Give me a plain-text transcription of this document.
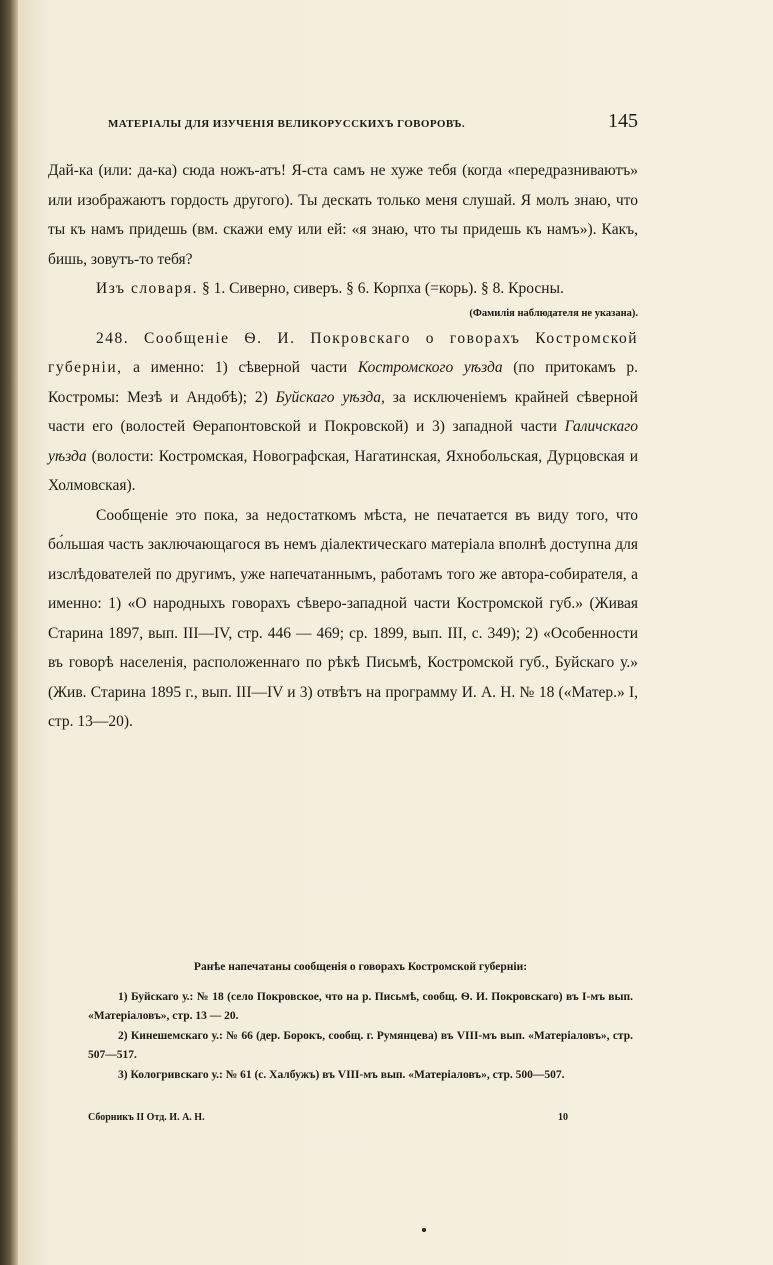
МАТЕРІАЛЫ ДЛЯ ИЗУЧЕНІЯ ВЕЛИКОРУССКИХЪ ГОВОРОВЪ.	145

Дай-ка (или: да-ка) сюда ножъ-атъ! Я-ста самъ не хуже тебя (когда «передразниваютъ» или изображаютъ гордость другого). Ты дескать только меня слушай. Я молъ знаю, что ты къ намъ придешь (вм. скажи ему или ей: «я знаю, что ты придешь къ намъ»). Какъ, бишь, зовутъ-то тебя?

Изъ словаря. § 1. Сиверно, сиверъ. § 6. Корпха (=корь). § 8. Кросны.

(Фамилія наблюдателя не указана).

248. Сообщеніе Ѳ. И. Покровскаго о говорахъ Костромской губерніи, а именно: 1) сѣверной части Костромского уѣзда (по притокамъ р. Костромы: Мезѣ и Андобѣ); 2) Буйскаго уѣзда, за исключеніемъ крайней сѣверной части его (волостей Ѳерапонтовской и Покровской) и 3) западной части Галичскаго уѣзда (волости: Костромская, Новографская, Нагатинская, Яхнобольская, Дурцовская и Холмовская).

Сообщеніе это пока, за недостаткомъ мѣста, не печатается въ виду того, что бо́льшая часть заключающагося въ немъ діалектическаго матеріала вполнѣ доступна для изслѣдователей по другимъ, уже напечатаннымъ, работамъ того же автора-собирателя, а именно: 1) «О народныхъ говорахъ сѣверо-западной части Костромской губ.» (Живая Старина 1897, вып. III—IV, стр. 446 — 469; ср. 1899, вып. III, с. 349); 2) «Особенности въ говорѣ населенія, расположеннаго по рѣкѣ Письмѣ, Костромской губ., Буйскаго у.» (Жив. Старина 1895 г., вып. III—IV и 3) отвѣтъ на программу И. А. Н. № 18 («Матер.» I, стр. 13—20).

Ранѣе напечатаны сообщенія о говорахъ Костромской губерніи:

1) Буйскаго у.: № 18 (село Покровское, что на р. Письмѣ, сообщ. Ѳ. И. Покровскаго) въ I-мъ вып. «Матеріаловъ», стр. 13 — 20.

2) Кинешемскаго у.: № 66 (дер. Борокъ, сообщ. г. Румянцева) въ VIII-мъ вып. «Матеріаловъ», стр. 507—517.

3) Кологривскаго у.: № 61 (с. Халбужъ) въ VIII-мъ вып. «Матеріаловъ», стр. 500—507.

Сборникъ II Отд. И. А. Н.	10
